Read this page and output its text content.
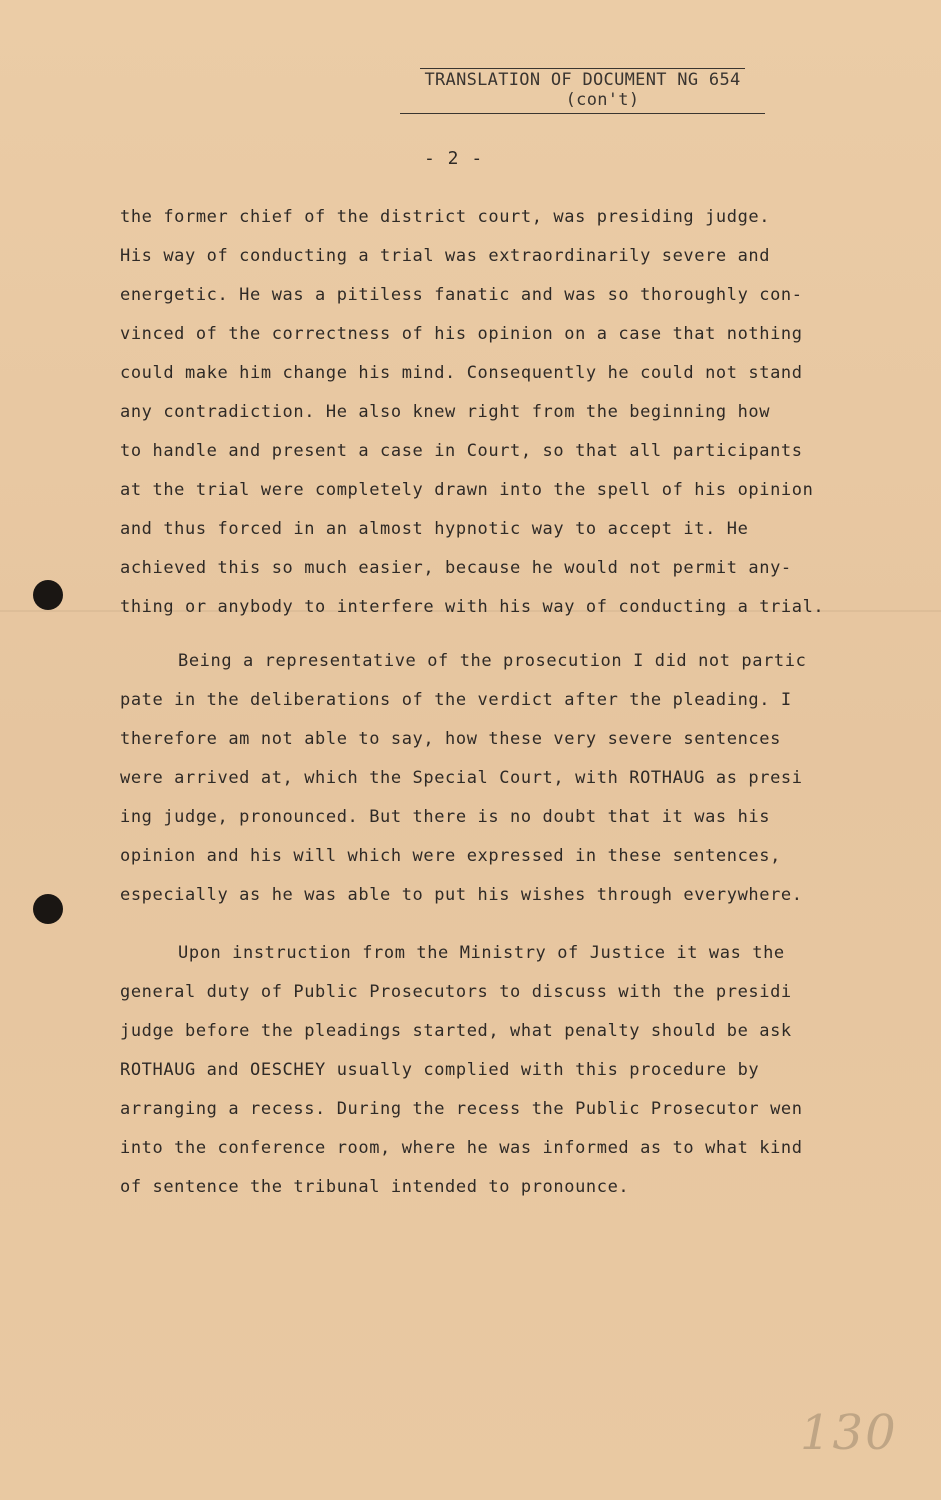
TRANSLATION OF DOCUMENT NG 654
(con't)
- 2 -
the former chief of the district court, was presiding judge.
His way of conducting a trial was extraordinarily severe and
energetic. He was a pitiless fanatic and was so thoroughly con-
vinced of the correctness of his opinion on a case that nothing
could make him change his mind. Consequently he could not stand
any contradiction. He also knew right from the beginning how
to handle and present a case in Court, so that all participants
at the trial were completely drawn into the spell of his opinion
and thus forced in an almost hypnotic way to accept it. He
achieved this so much easier, because he would not permit any-
thing or anybody to interfere with his way of conducting a trial.
Being a representative of the prosecution I did not partic
pate in the deliberations of the verdict after the pleading. I
therefore am not able to say, how these very severe sentences
were arrived at, which the Special Court, with ROTHAUG as presi
ing judge, pronounced. But there is no doubt that it was his
opinion and his will which were expressed in these sentences,
especially as he was able to put his wishes through everywhere.
Upon instruction from the Ministry of Justice it was the
general duty of Public Prosecutors to discuss with the presidi
judge before the pleadings started, what penalty should be ask
ROTHAUG and OESCHEY usually complied with this procedure by
arranging a recess. During the recess the Public Prosecutor wen
into the conference room, where he was informed as to what kind
of sentence the tribunal intended to pronounce.
130
